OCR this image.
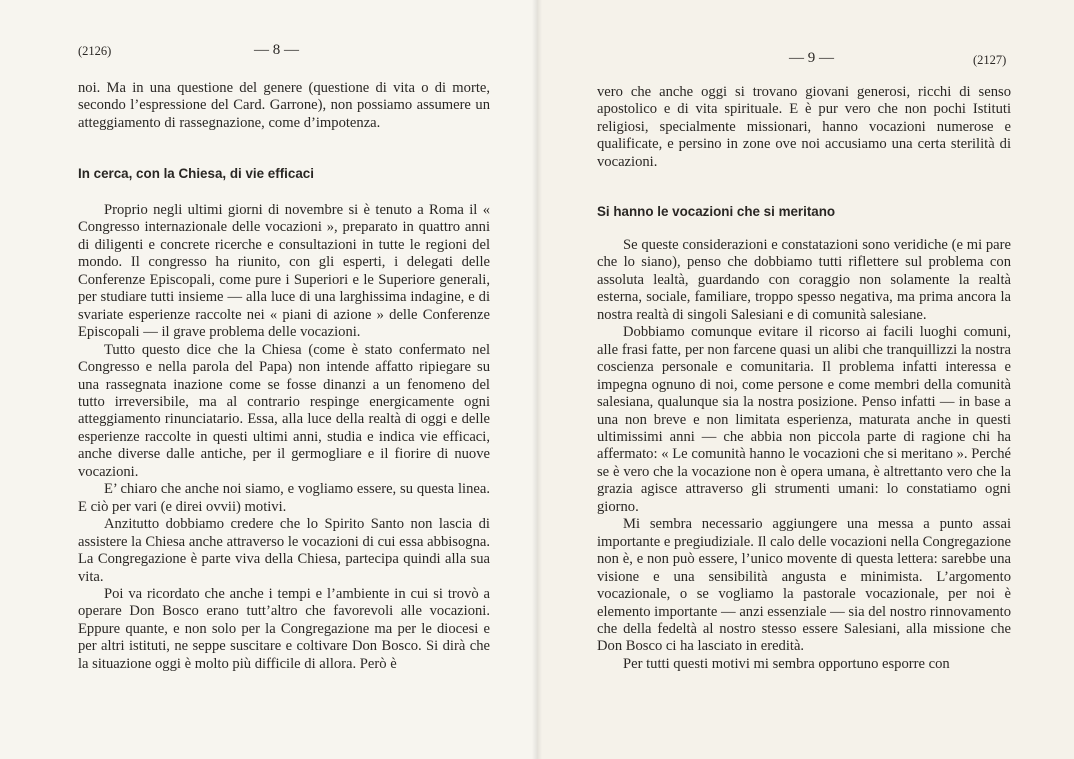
(2126)	— 8 —

noi. Ma in una questione del genere (questione di vita o di morte, secondo l’espressione del Card. Garrone), non possiamo assumere un atteggiamento di rassegnazione, come d’impotenza.

In cerca, con la Chiesa, di vie efficaci

Proprio negli ultimi giorni di novembre si è tenuto a Roma il « Congresso internazionale delle vocazioni », preparato in quattro anni di diligenti e concrete ricerche e consultazioni in tutte le regioni del mondo. Il congresso ha riunito, con gli esperti, i delegati delle Conferenze Episcopali, come pure i Superiori e le Superiore generali, per studiare tutti insieme — alla luce di una larghissima indagine, e di svariate esperienze raccolte nei « piani di azione » delle Conferenze Episcopali — il grave problema delle vocazioni.

Tutto questo dice che la Chiesa (come è stato confermato nel Congresso e nella parola del Papa) non intende affatto ripiegare su una rassegnata inazione come se fosse dinanzi a un fenomeno del tutto irreversibile, ma al contrario respinge energicamente ogni atteggiamento rinunciatario. Essa, alla luce della realtà di oggi e delle esperienze raccolte in questi ultimi anni, studia e indica vie efficaci, anche diverse dalle antiche, per il germogliare e il fiorire di nuove vocazioni.

E’ chiaro che anche noi siamo, e vogliamo essere, su questa linea. E ciò per vari (e direi ovvii) motivi.

Anzitutto dobbiamo credere che lo Spirito Santo non lascia di assistere la Chiesa anche attraverso le vocazioni di cui essa abbisogna. La Congregazione è parte viva della Chiesa, partecipa quindi alla sua vita.

Poi va ricordato che anche i tempi e l’ambiente in cui si trovò a operare Don Bosco erano tutt’altro che favorevoli alle vocazioni. Eppure quante, e non solo per la Congregazione ma per le diocesi e per altri istituti, ne seppe suscitare e coltivare Don Bosco. Si dirà che la situazione oggi è molto più difficile di allora. Però è

— 9 —	(2127)

vero che anche oggi si trovano giovani generosi, ricchi di senso apostolico e di vita spirituale. E è pur vero che non pochi Istituti religiosi, specialmente missionari, hanno vocazioni numerose e qualificate, e persino in zone ove noi accusiamo una certa sterilità di vocazioni.

Si hanno le vocazioni che si meritano

Se queste considerazioni e constatazioni sono veridiche (e mi pare che lo siano), penso che dobbiamo tutti riflettere sul problema con assoluta lealtà, guardando con coraggio non solamente la realtà esterna, sociale, familiare, troppo spesso negativa, ma prima ancora la nostra realtà di singoli Salesiani e di comunità salesiane.

Dobbiamo comunque evitare il ricorso ai facili luoghi comuni, alle frasi fatte, per non farcene quasi un alibi che tranquillizzi la nostra coscienza personale e comunitaria. Il problema infatti interessa e impegna ognuno di noi, come persone e come membri della comunità salesiana, qualunque sia la nostra posizione. Penso infatti — in base a una non breve e non limitata esperienza, maturata anche in questi ultimissimi anni — che abbia non piccola parte di ragione chi ha affermato: « Le comunità hanno le vocazioni che si meritano ». Perché se è vero che la vocazione non è opera umana, è altrettanto vero che la grazia agisce attraverso gli strumenti umani: lo constatiamo ogni giorno.

Mi sembra necessario aggiungere una messa a punto assai importante e pregiudiziale. Il calo delle vocazioni nella Congregazione non è, e non può essere, l’unico movente di questa lettera: sarebbe una visione e una sensibilità angusta e minimista. L’argomento vocazionale, o se vogliamo la pastorale vocazionale, per noi è elemento importante — anzi essenziale — sia del nostro rinnovamento che della fedeltà al nostro stesso essere Salesiani, alla missione che Don Bosco ci ha lasciato in eredità.

Per tutti questi motivi mi sembra opportuno esporre con
